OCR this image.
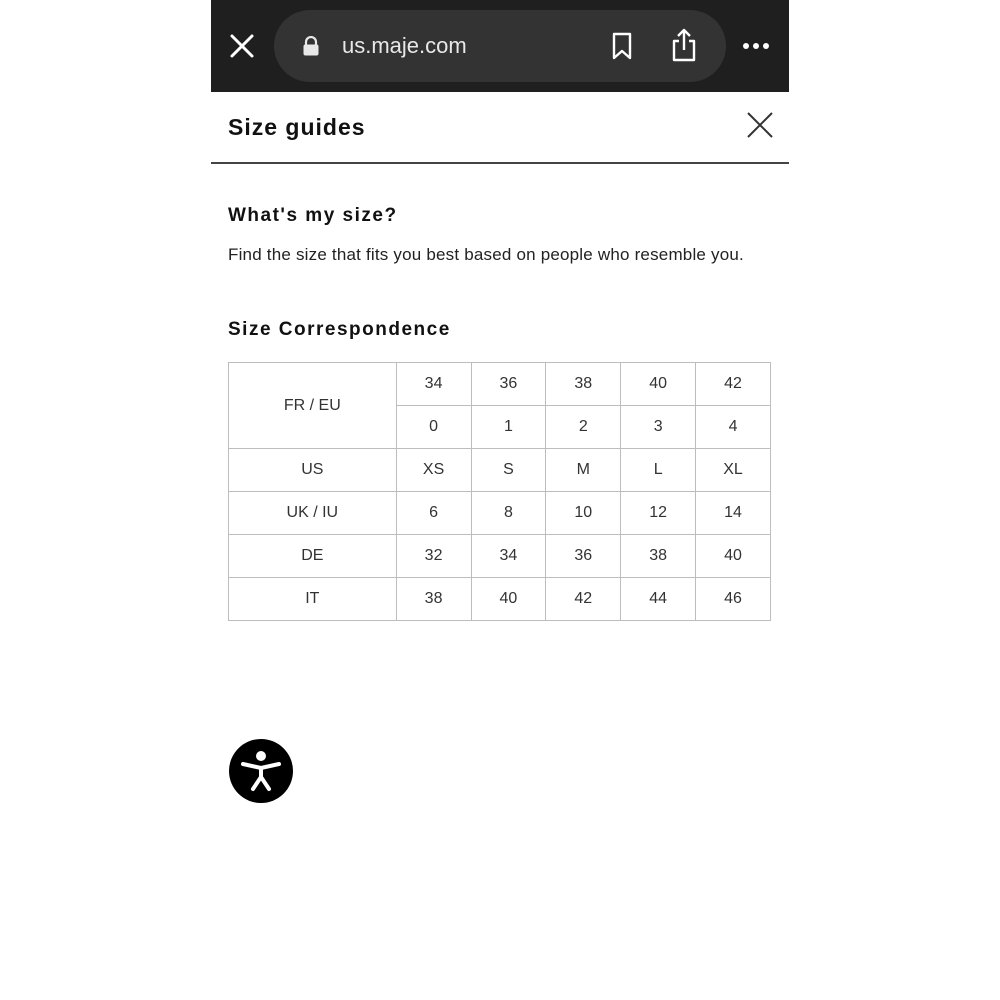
us.maje.com
Size guides
What's my size?
Find the size that fits you best based on people who resemble you.
Size Correspondence
FR / EU	34	36	38	40	42
	0	1	2	3	4
US	XS	S	M	L	XL
UK / IU	6	8	10	12	14
DE	32	34	36	38	40
IT	38	40	42	44	46
